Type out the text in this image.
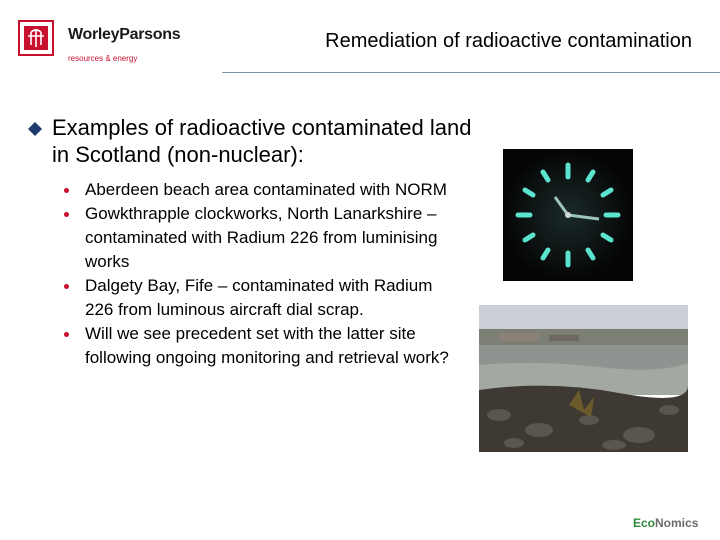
WorleyParsons
resources & energy
Remediation of radioactive contamination
Examples of radioactive contaminated land in Scotland (non-nuclear):
Aberdeen beach area contaminated with NORM
Gowkthrapple clockworks, North Lanarkshire – contaminated with Radium 226 from luminising works
Dalgety Bay, Fife – contaminated with Radium 226 from luminous aircraft dial scrap.
Will we see precedent set with the latter site following ongoing monitoring and retrieval work?
EcoNomics
